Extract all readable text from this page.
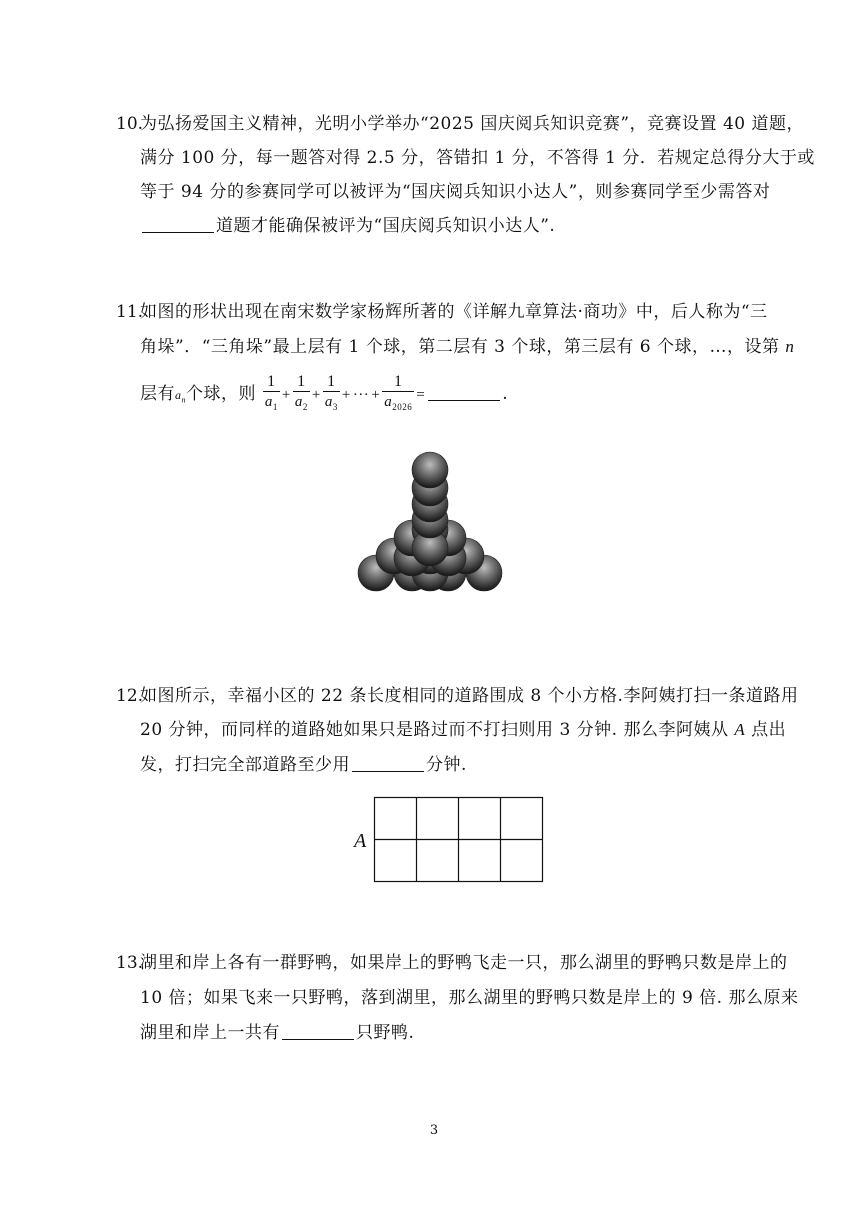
10.
为弘扬爱国主义精神，光明小学举办“2025 国庆阅兵知识竞赛”，竞赛设置 40 道题，
满分 100 分，每一题答对得 2.5 分，答错扣 1 分，不答得 1 分．若规定总得分大于或
等于 94 分的参赛同学可以被评为“国庆阅兵知识小达人”，则参赛同学至少需答对
道题才能确保被评为“国庆阅兵知识小达人”.
11.
如图的形状出现在南宋数学家杨辉所著的《详解九章算法·商功》中，后人称为“三
角垛”．“三角垛”最上层有 1 个球，第二层有 3 个球，第三层有 6 个球，…，设第 n
层有$a_n$个球，则 $\frac{1}{a_1} + \frac{1}{a_2} + \frac{1}{a_3}$ + ··· + $\frac{1}{a_{2026}}$ =	.
12.
如图所示，幸福小区的 22 条长度相同的道路围成 8 个小方格.李阿姨打扫一条道路用
20 分钟，而同样的道路她如果只是路过而不打扫则用 3 分钟. 那么李阿姨从 A 点出
发，打扫完全部道路至少用	分钟.
A
13.
湖里和岸上各有一群野鸭，如果岸上的野鸭飞走一只，那么湖里的野鸭只数是岸上的
10 倍；如果飞来一只野鸭，落到湖里，那么湖里的野鸭只数是岸上的 9 倍. 那么原来
湖里和岸上一共有	只野鸭.
3
